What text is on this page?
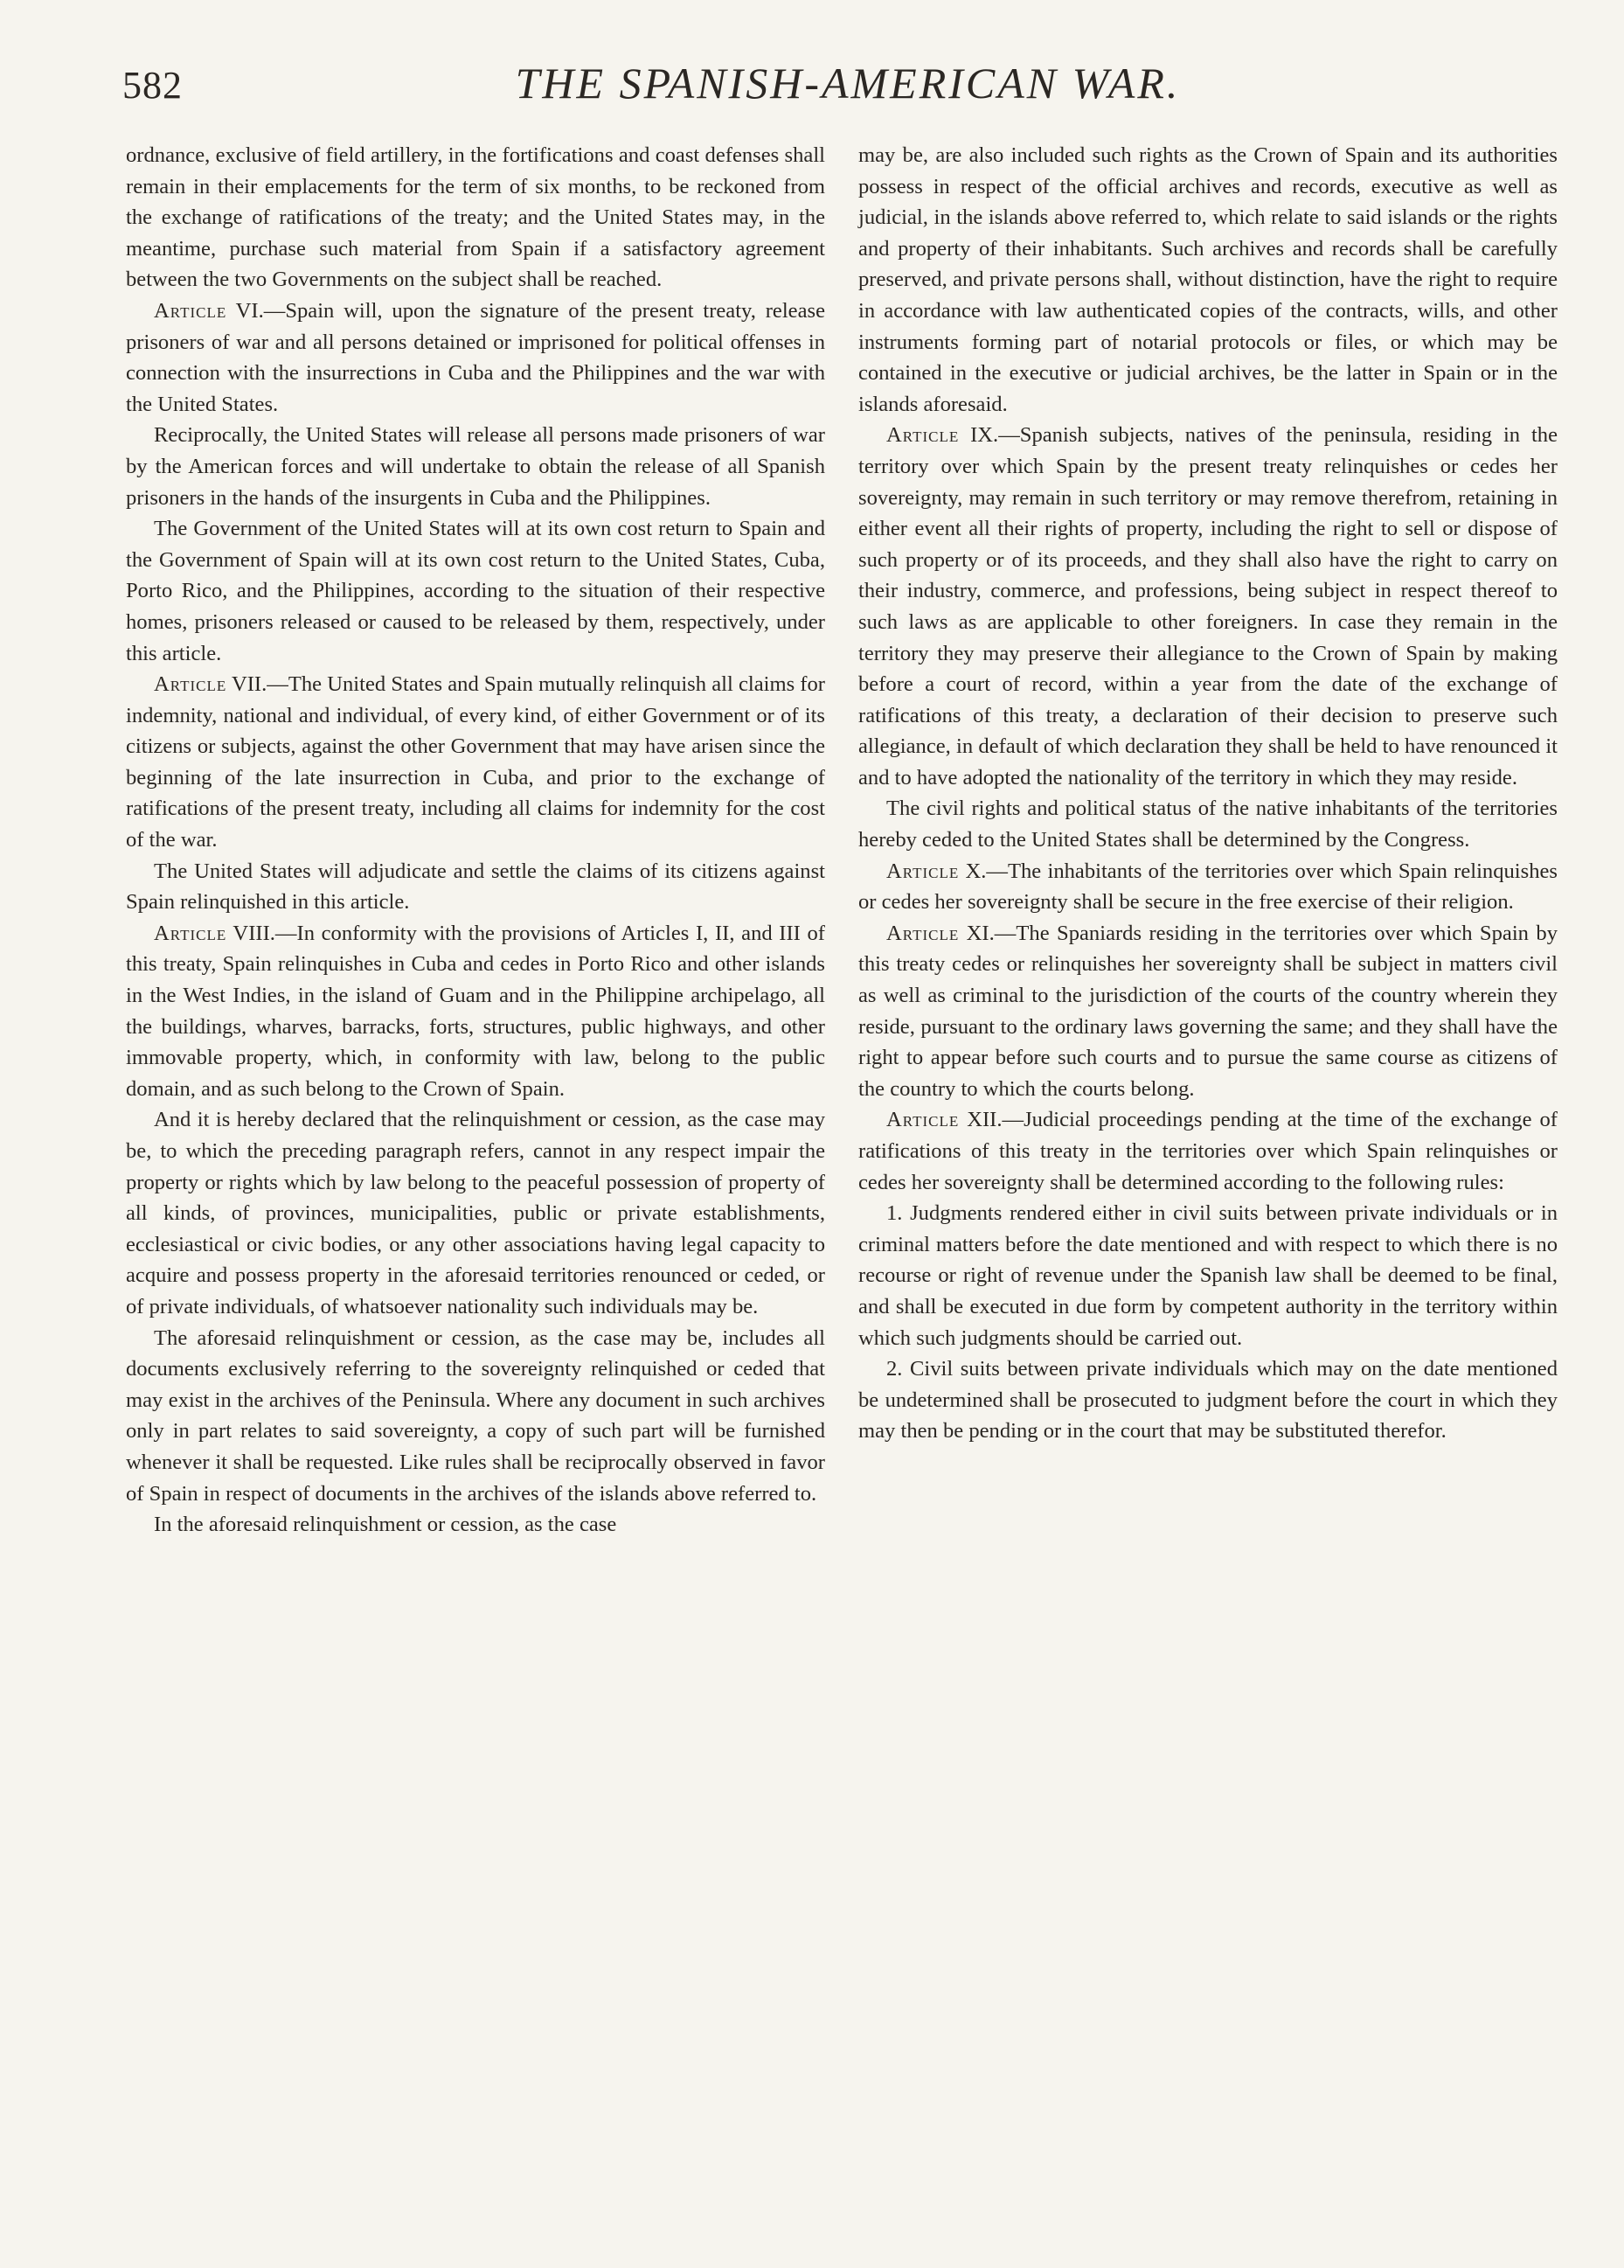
582	THE SPANISH-AMERICAN WAR.

ordnance, exclusive of field artillery, in the fortifications and coast defenses shall remain in their emplacements for the term of six months, to be reckoned from the exchange of ratifications of the treaty; and the United States may, in the meantime, purchase such material from Spain if a satisfactory agreement between the two Governments on the subject shall be reached.

Article VI.—Spain will, upon the signature of the present treaty, release prisoners of war and all persons detained or imprisoned for political offenses in connection with the insurrections in Cuba and the Philippines and the war with the United States.

Reciprocally, the United States will release all persons made prisoners of war by the American forces and will undertake to obtain the release of all Spanish prisoners in the hands of the insurgents in Cuba and the Philippines.

The Government of the United States will at its own cost return to Spain and the Government of Spain will at its own cost return to the United States, Cuba, Porto Rico, and the Philippines, according to the situation of their respective homes, prisoners released or caused to be released by them, respectively, under this article.

Article VII.—The United States and Spain mutually relinquish all claims for indemnity, national and individual, of every kind, of either Government or of its citizens or subjects, against the other Government that may have arisen since the beginning of the late insurrection in Cuba, and prior to the exchange of ratifications of the present treaty, including all claims for indemnity for the cost of the war.

The United States will adjudicate and settle the claims of its citizens against Spain relinquished in this article.

Article VIII.—In conformity with the provisions of Articles I, II, and III of this treaty, Spain relinquishes in Cuba and cedes in Porto Rico and other islands in the West Indies, in the island of Guam and in the Philippine archipelago, all the buildings, wharves, barracks, forts, structures, public highways, and other immovable property, which, in conformity with law, belong to the public domain, and as such belong to the Crown of Spain.

And it is hereby declared that the relinquishment or cession, as the case may be, to which the preceding paragraph refers, cannot in any respect impair the property or rights which by law belong to the peaceful possession of property of all kinds, of provinces, municipalities, public or private establishments, ecclesiastical or civic bodies, or any other associations having legal capacity to acquire and possess property in the aforesaid territories renounced or ceded, or of private individuals, of whatsoever nationality such individuals may be.

The aforesaid relinquishment or cession, as the case may be, includes all documents exclusively referring to the sovereignty relinquished or ceded that may exist in the archives of the Peninsula. Where any document in such archives only in part relates to said sovereignty, a copy of such part will be furnished whenever it shall be requested. Like rules shall be reciprocally observed in favor of Spain in respect of documents in the archives of the islands above referred to.

In the aforesaid relinquishment or cession, as the case

may be, are also included such rights as the Crown of Spain and its authorities possess in respect of the official archives and records, executive as well as judicial, in the islands above referred to, which relate to said islands or the rights and property of their inhabitants. Such archives and records shall be carefully preserved, and private persons shall, without distinction, have the right to require in accordance with law authenticated copies of the contracts, wills, and other instruments forming part of notarial protocols or files, or which may be contained in the executive or judicial archives, be the latter in Spain or in the islands aforesaid.

Article IX.—Spanish subjects, natives of the peninsula, residing in the territory over which Spain by the present treaty relinquishes or cedes her sovereignty, may remain in such territory or may remove therefrom, retaining in either event all their rights of property, including the right to sell or dispose of such property or of its proceeds, and they shall also have the right to carry on their industry, commerce, and professions, being subject in respect thereof to such laws as are applicable to other foreigners. In case they remain in the territory they may preserve their allegiance to the Crown of Spain by making before a court of record, within a year from the date of the exchange of ratifications of this treaty, a declaration of their decision to preserve such allegiance, in default of which declaration they shall be held to have renounced it and to have adopted the nationality of the territory in which they may reside.

The civil rights and political status of the native inhabitants of the territories hereby ceded to the United States shall be determined by the Congress.

Article X.—The inhabitants of the territories over which Spain relinquishes or cedes her sovereignty shall be secure in the free exercise of their religion.

Article XI.—The Spaniards residing in the territories over which Spain by this treaty cedes or relinquishes her sovereignty shall be subject in matters civil as well as criminal to the jurisdiction of the courts of the country wherein they reside, pursuant to the ordinary laws governing the same; and they shall have the right to appear before such courts and to pursue the same course as citizens of the country to which the courts belong.

Article XII.—Judicial proceedings pending at the time of the exchange of ratifications of this treaty in the territories over which Spain relinquishes or cedes her sovereignty shall be determined according to the following rules:

1. Judgments rendered either in civil suits between private individuals or in criminal matters before the date mentioned and with respect to which there is no recourse or right of revenue under the Spanish law shall be deemed to be final, and shall be executed in due form by competent authority in the territory within which such judgments should be carried out.

2. Civil suits between private individuals which may on the date mentioned be undetermined shall be prosecuted to judgment before the court in which they may then be pending or in the court that may be substituted therefor.
